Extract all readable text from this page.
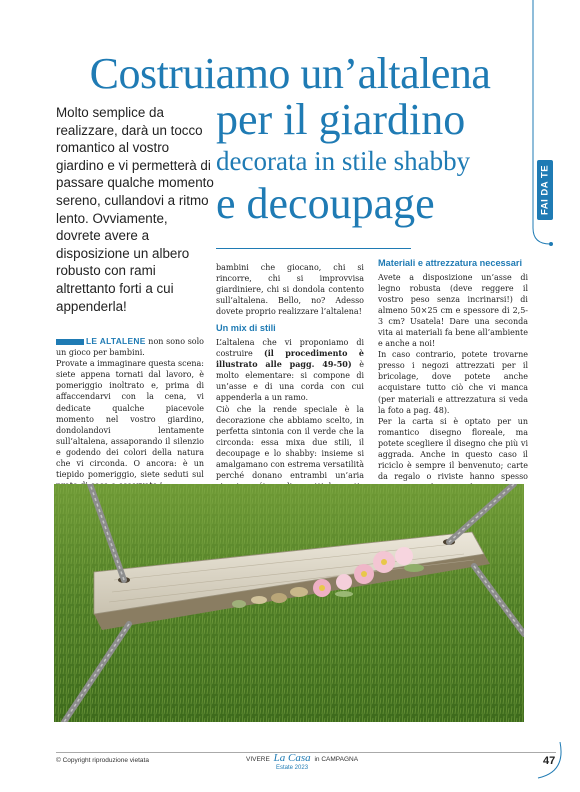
Costruiamo un’altalena
per il giardino
decorata in stile shabby
e decoupage
Molto semplice da realizzare, darà un tocco romantico al vostro giardino e vi permetterà di passare qualche momento sereno, cullandovi a ritmo lento. Ovviamente, dovrete avere a disposizione un albero robusto con rami altrettanto forti a cui appenderla!
FAI DA TE

LE ALTALENE non sono solo un gioco per bambini.

Provate a immaginare questa scena: siete appena tornati dal lavoro, è pomeriggio inoltrato e, prima di affaccendarvi con la cena, vi dedicate qualche piacevole momento nel vostro giardino, dondolandovi lentamente sull’altalena, assaporando il silenzio e godendo dei colori della natura che vi circonda. O ancora: è un tiepido pomeriggio, siete seduti sul

bambini che giocano, chi si rincorre, chi si improvvisa giardiniere, chi si dondola contento sull’altalena. Bello, no? Adesso dovete proprio realizzare l’altalena!

Un mix di stili

L’altalena che vi proponiamo di costruire (il procedimento è illustrato alle pagg. 49-50) è molto elementare: si compone di un’asse e di una corda con cui appenderla a un ramo.

Ciò che la rende speciale è la decorazione che abbiamo scelto, in perfetta sintonia con il verde che la circonda: essa mixa due stili, il decoupage e lo shabby: insieme si amalgamano con estrema versatilità perché donano entrambi un’aria

Materiali e attrezzatura necessari

Avete a disposizione un’asse di legno robusta (deve reggere il vostro peso senza incrinarsi!) di almeno 50×25 cm e spessore di 2,5-3 cm? Usatela! Dare una seconda vita ai materiali fa bene all’ambiente e anche a noi!

In caso contrario, potete trovarne presso i negozi attrezzati per il bricolage, dove potete anche acquistare tutto ciò che vi manca (per materiali e attrezzatura si veda la foto a pag. 48).

Per la carta si è optato per un romantico disegno floreale, ma potete scegliere il disegno che più vi aggrada. Anche in questo caso il riciclo è sempre il benvenuto; carte da regalo o riviste hanno spesso

© Copyright riproduzione vietata	VIVERE La Casa in CAMPAGNA
Estate 2023
47
